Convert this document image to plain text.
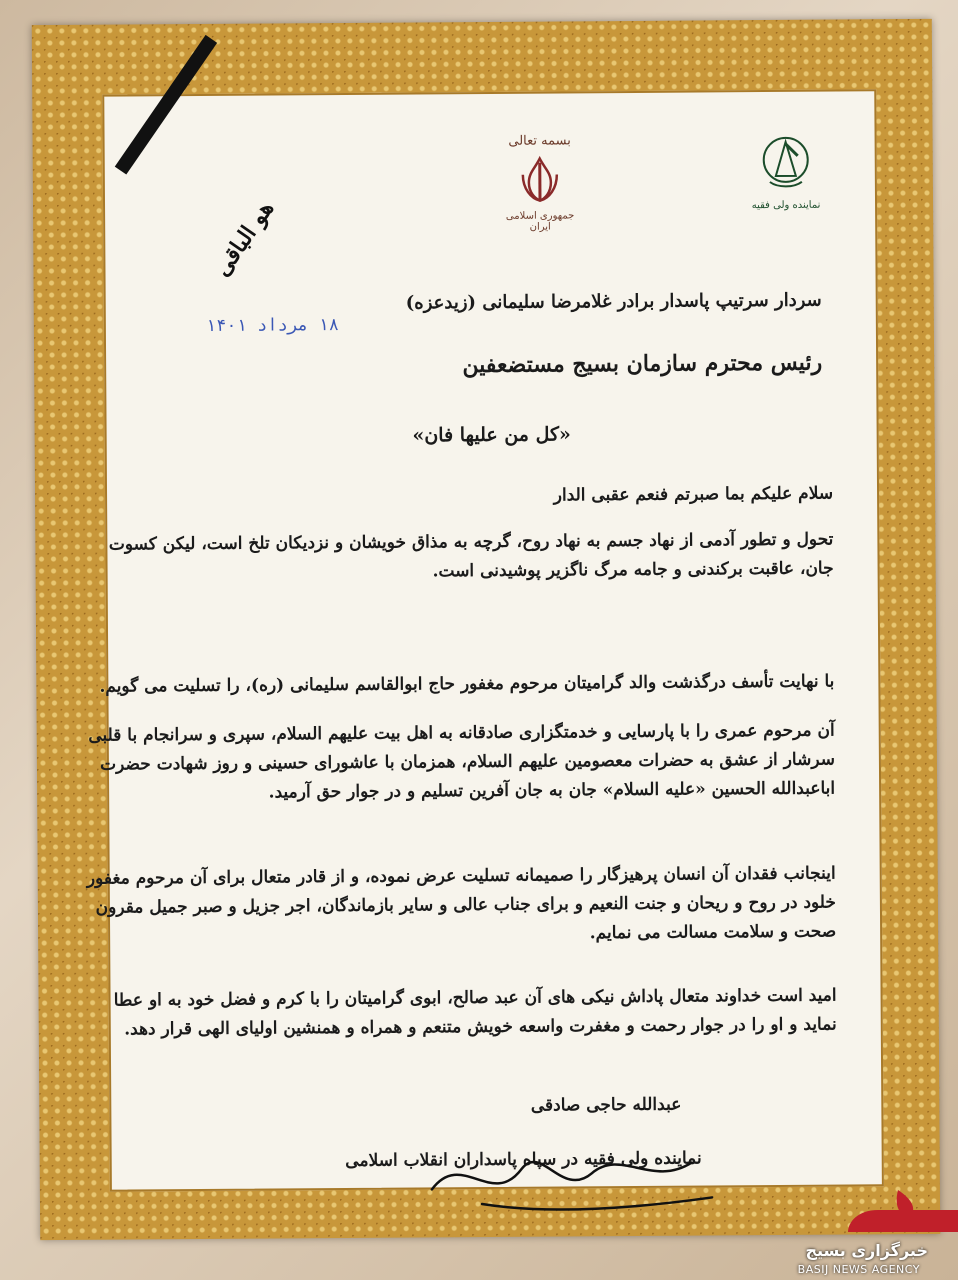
هو الباقی
بسمه تعالی
جمهوری اسلامی ایران
نماینده ولی فقیه
۱۸ مرداد ۱۴۰۱
سردار سرتیپ پاسدار برادر غلامرضا سلیمانی (زیدعزه)
رئیس محترم سازمان بسیج مستضعفین
«کل من علیها فان»
سلام علیکم بما صبرتم فنعم عقبی الدار
تحول و تطور آدمی از نهاد جسم به نهاد روح، گرچه به مذاق خویشان و نزدیکان تلخ است، لیکن کسوت جان، عاقبت برکندنی و جامه مرگ ناگزیر پوشیدنی است.
با نهایت تأسف درگذشت والد گرامیتان مرحوم مغفور حاج ابوالقاسم سلیمانی (ره)، را تسلیت می گویم.
آن مرحوم عمری را با پارسایی و خدمتگزاری صادقانه به اهل بیت علیهم السلام، سپری و سرانجام با قلبی سرشار از عشق به حضرات معصومین علیهم السلام، همزمان با عاشورای حسینی و روز شهادت حضرت اباعبدالله الحسین «علیه السلام» جان به جان آفرین تسلیم و در جوار حق آرمید.
اینجانب فقدان آن انسان پرهیزگار را صمیمانه تسلیت عرض نموده، و از قادر متعال برای آن مرحوم مغفور خلود در روح و ریحان و جنت النعیم و برای جناب عالی و سایر بازماندگان، اجر جزیل و صبر جمیل مقرون صحت و سلامت مسالت می نمایم.
امید است خداوند متعال پاداش نیکی های آن عبد صالح، ابوی گرامیتان را با کرم و فضل خود به او عطا نماید و او را در جوار رحمت و مغفرت واسعه خویش متنعم و همراه و همنشین اولیای الهی قرار دهد.
عبدالله حاجی صادقی
نماینده ولی فقیه در سپاه پاسداران انقلاب اسلامی
خبرگزاری بسیج
BASIJ NEWS AGENCY
